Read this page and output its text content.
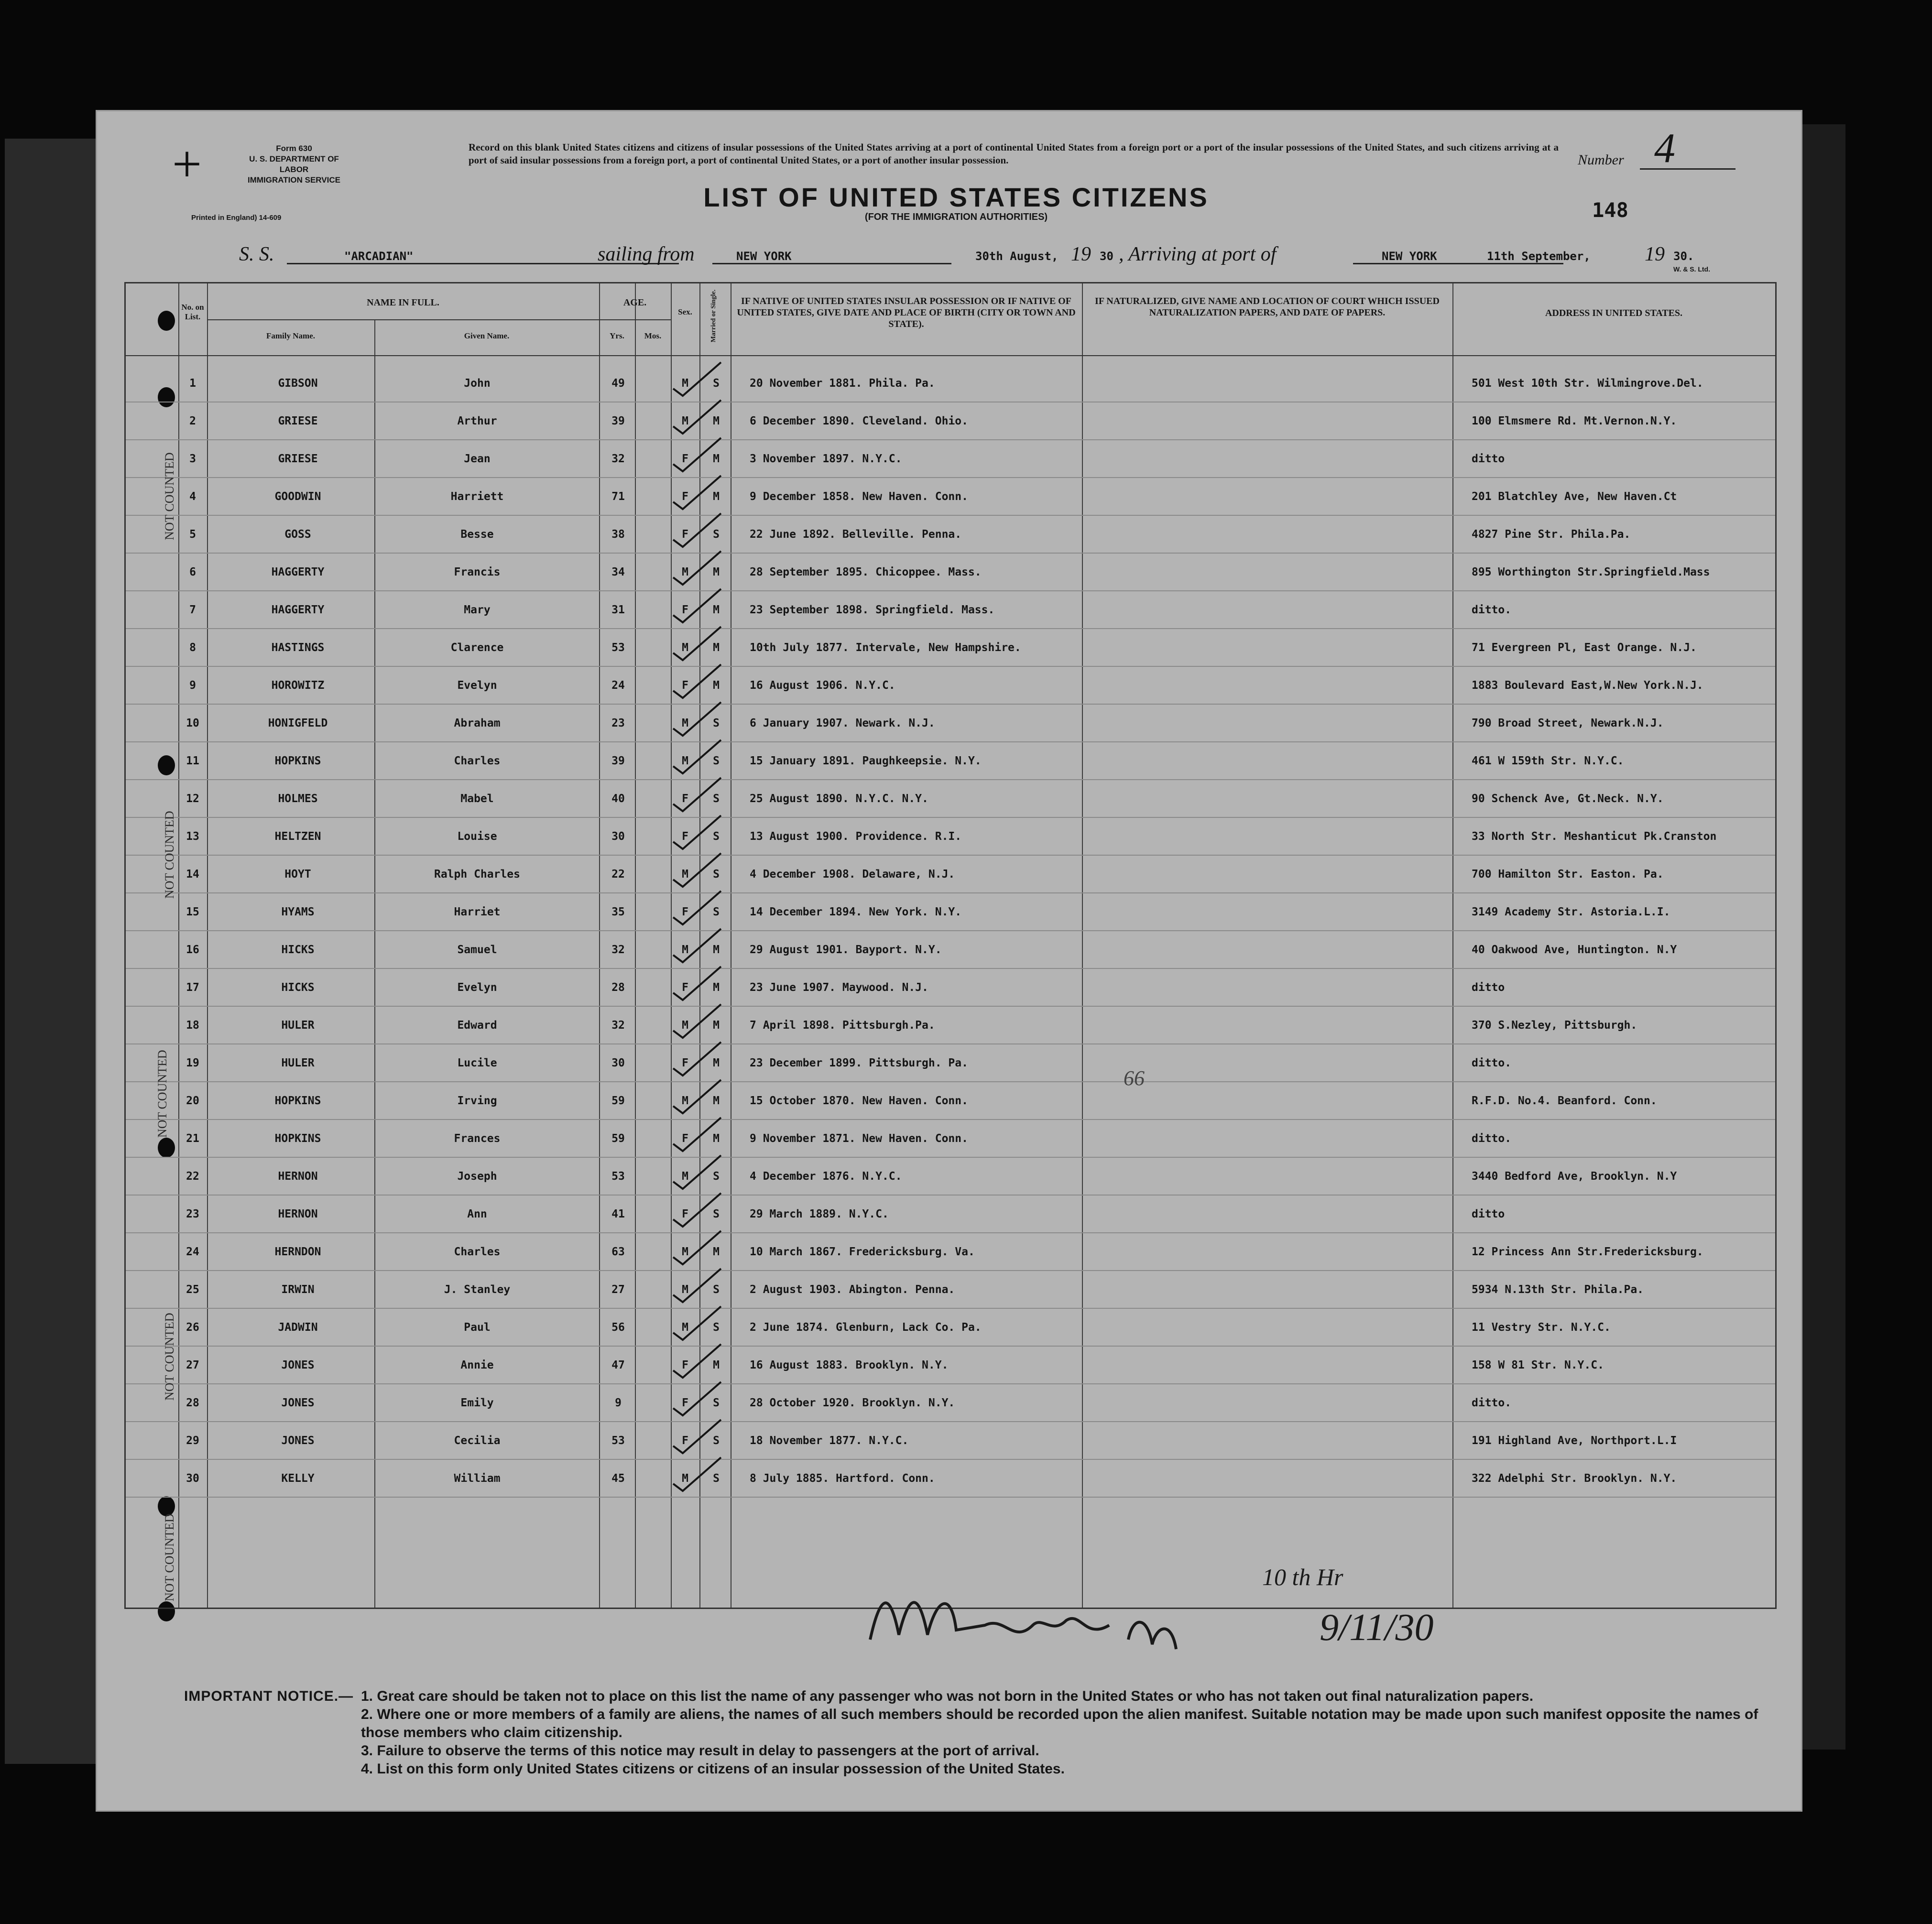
+	Form 630
U. S. DEPARTMENT OF LABOR
IMMIGRATION SERVICE
Printed in England) 14-609
Record on this blank United States citizens and citizens of insular possessions of the United States arriving at a port of continental United States from a foreign port or a port of the insular possessions of the United States, and such citizens arriving at a port of said insular possessions from a foreign port, a port of continental United States, or a port of another insular possession.	Number 4
LIST OF UNITED STATES CITIZENS
(FOR THE IMMIGRATION AUTHORITIES)	148
S. S.	"ARCADIAN"	sailing from	NEW YORK	30th August, 19 30 , Arriving at port of	NEW YORK	11th September,	19 30.
W. & S. Ltd.
No. on List.
NAME IN FULL.
Family Name.	Given Name.
AGE.
Yrs.	Mos.
Sex.	Married or Single.	IF NATIVE OF UNITED STATES INSULAR POSSESSION OR IF NATIVE OF UNITED STATES, GIVE DATE AND PLACE OF BIRTH (CITY OR TOWN AND STATE).
IF NATURALIZED, GIVE NAME AND LOCATION OF COURT WHICH ISSUED NATURALIZATION PAPERS, AND DATE OF PAPERS.	ADDRESS IN UNITED STATES.
1	GIBSON	John	49	M	S	20 November 1881. Phila. Pa.	501 West 10th Str. Wilmingrove.Del.
2	GRIESE	Arthur	39	M	M	6 December 1890. Cleveland. Ohio.	100 Elmsmere Rd. Mt.Vernon.N.Y.
3	GRIESE	Jean	32	F	M	3 November 1897. N.Y.C.	ditto
4	GOODWIN	Harriett	71	F	M	9 December 1858. New Haven. Conn.	201 Blatchley Ave, New Haven.Ct
5	GOSS	Besse	38	F	S	22 June 1892. Belleville. Penna.	4827 Pine Str. Phila.Pa.
6	HAGGERTY	Francis	34	M	M	28 September 1895. Chicoppee. Mass.	895 Worthington Str.Springfield.Mass
7	HAGGERTY	Mary	31	F	M	23 September 1898. Springfield. Mass.	ditto.
8	HASTINGS	Clarence	53	M	M	10th July 1877. Intervale, New Hampshire.	71 Evergreen Pl, East Orange. N.J.
9	HOROWITZ	Evelyn	24	F	M	16 August 1906. N.Y.C.	1883 Boulevard East,W.New York.N.J.
10	HONIGFELD	Abraham	23	M	S	6 January 1907. Newark. N.J.	790 Broad Street, Newark.N.J.
11	HOPKINS	Charles	39	M	S	15 January 1891. Paughkeepsie. N.Y.	461 W 159th Str. N.Y.C.
12	HOLMES	Mabel	40	F	S	25 August 1890. N.Y.C. N.Y.	90 Schenck Ave, Gt.Neck. N.Y.
13	HELTZEN	Louise	30	F	S	13 August 1900. Providence. R.I.	33 North Str. Meshanticut Pk.Cranston
14	HOYT	Ralph Charles	22	M	S	4 December 1908. Delaware, N.J.	700 Hamilton Str. Easton. Pa.
15	HYAMS	Harriet	35	F	S	14 December 1894. New York. N.Y.	3149 Academy Str. Astoria.L.I.
16	HICKS	Samuel	32	M	M	29 August 1901. Bayport. N.Y.	40 Oakwood Ave, Huntington. N.Y
17	HICKS	Evelyn	28	F	M	23 June 1907. Maywood. N.J.	ditto
18	HULER	Edward	32	M	M	7 April 1898. Pittsburgh.Pa.	370 S.Nezley, Pittsburgh.
19	HULER	Lucile	30	F	M	23 December 1899. Pittsburgh. Pa.	ditto.
20	HOPKINS	Irving	59	M	M	15 October 1870. New Haven. Conn.	R.F.D. No.4. Beanford. Conn.
21	HOPKINS	Frances	59	F	M	9 November 1871. New Haven. Conn.	ditto.
22	HERNON	Joseph	53	M	S	4 December 1876. N.Y.C.	3440 Bedford Ave, Brooklyn. N.Y
23	HERNON	Ann	41	F	S	29 March 1889. N.Y.C.	ditto
24	HERNDON	Charles	63	M	M	10 March 1867. Fredericksburg. Va.	12 Princess Ann Str.Fredericksburg.
25	IRWIN	J. Stanley	27	M	S	2 August 1903. Abington. Penna.	5934 N.13th Str. Phila.Pa.
26	JADWIN	Paul	56	M	S	2 June 1874. Glenburn, Lack Co. Pa.	11 Vestry Str. N.Y.C.
27	JONES	Annie	47	F	M	16 August 1883. Brooklyn. N.Y.	158 W 81 Str. N.Y.C.
28	JONES	Emily	9	F	S	28 October 1920. Brooklyn. N.Y.	ditto.
29	JONES	Cecilia	53	F	S	18 November 1877. N.Y.C.	191 Highland Ave, Northport.L.I
30	KELLY	William	45	M	S	8 July 1885. Hartford. Conn.	322 Adelphi Str. Brooklyn. N.Y.
NOT COUNTED
NOT COUNTED
NOT COUNTED
NOT COUNTED
NOT COUNTED
66
10 th Hr
9/11/30
IMPORTANT NOTICE.— 1. Great care should be taken not to place on this list the name of any passenger who was not born in the United States or who has not taken out final naturalization papers.
2. Where one or more members of a family are aliens, the names of all such members should be recorded upon the alien manifest. Suitable notation may be made upon such manifest opposite the names of those members who claim citizenship.
3. Failure to observe the terms of this notice may result in delay to passengers at the port of arrival.
4. List on this form only United States citizens or citizens of an insular possession of the United States.
